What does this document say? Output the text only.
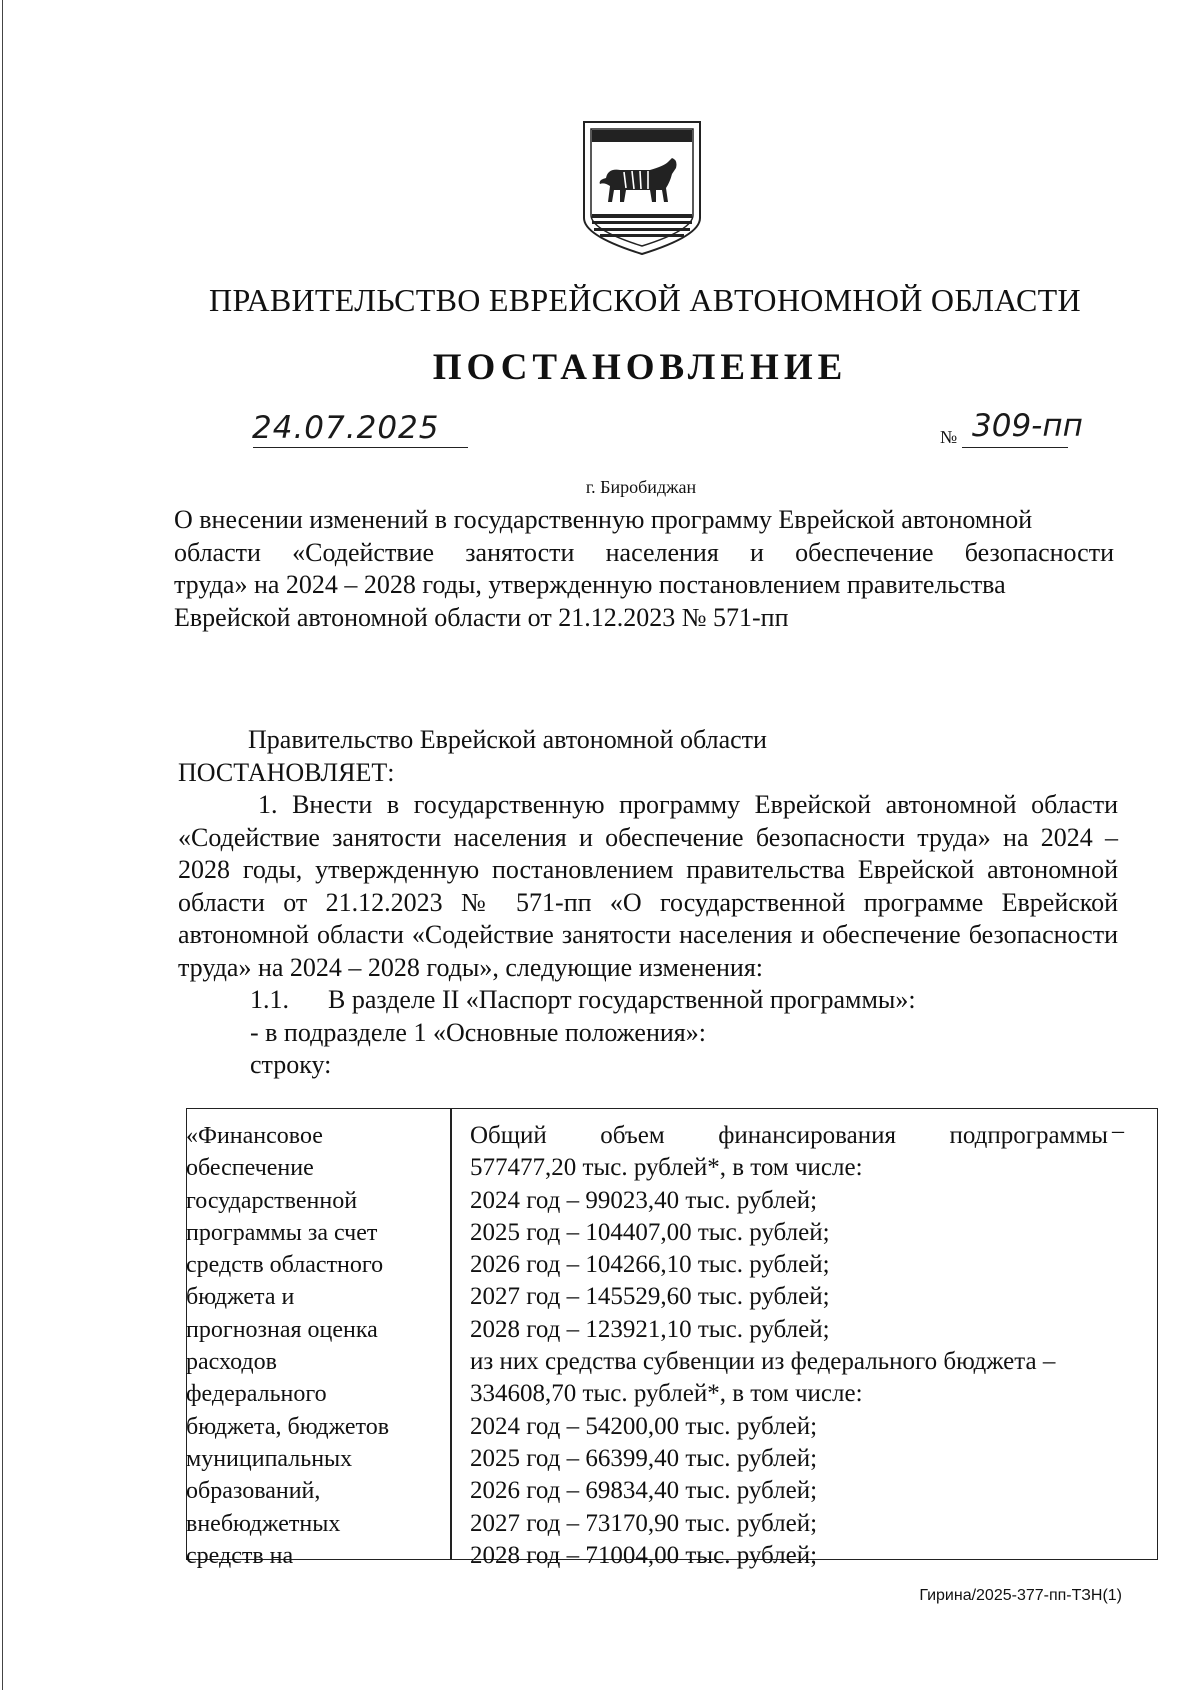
ПРАВИТЕЛЬСТВО ЕВРЕЙСКОЙ АВТОНОМНОЙ ОБЛАСТИ
ПОСТАНОВЛЕНИЕ
24.07.2025	№ 309-пп
г. Биробиджан

О внесении изменений в государственную программу Еврейской автономной

области «Содействие занятости населения и обеспечение безопасности

труда» на 2024 – 2028 годы, утвержденную постановлением правительства

Еврейской автономной области от 21.12.2023 № 571-пп

Правительство Еврейской автономной области

ПОСТАНОВЛЯЕТ:

1. Внести в государственную программу Еврейской автономной области «Содействие занятости населения и обеспечение безопасности труда» на 2024 – 2028 годы, утвержденную постановлением правительства Еврейской автономной области от 21.12.2023 № 571-пп «О государственной программе Еврейской автономной области «Содействие занятости населения и обеспечение безопасности труда» на 2024 – 2028 годы», следующие изменения:

1.1. В разделе II «Паспорт государственной программы»:

- в подразделе 1 «Основные положения»:

строку:

«Финансовое
обеспечение
государственной
программы за счет
средств областного
бюджета и
прогнозная оценка
расходов
федерального
бюджета, бюджетов
муниципальных
образований,
внебюджетных
средств на
Общий объем финансирования подпрограммы
577477,20 тыс. рублей*, в том числе:
2024 год – 99023,40 тыс. рублей;
2025 год – 104407,00 тыс. рублей;
2026 год – 104266,10 тыс. рублей;
2027 год – 145529,60 тыс. рублей;
2028 год – 123921,10 тыс. рублей;
из них средства субвенции из федерального бюджета –
334608,70 тыс. рублей*, в том числе:
2024 год – 54200,00 тыс. рублей;
2025 год – 66399,40 тыс. рублей;
2026 год – 69834,40 тыс. рублей;
2027 год – 73170,90 тыс. рублей;
2028 год – 71004,00 тыс. рублей;
–
Гирина/2025-377-пп-ТЗН(1)
